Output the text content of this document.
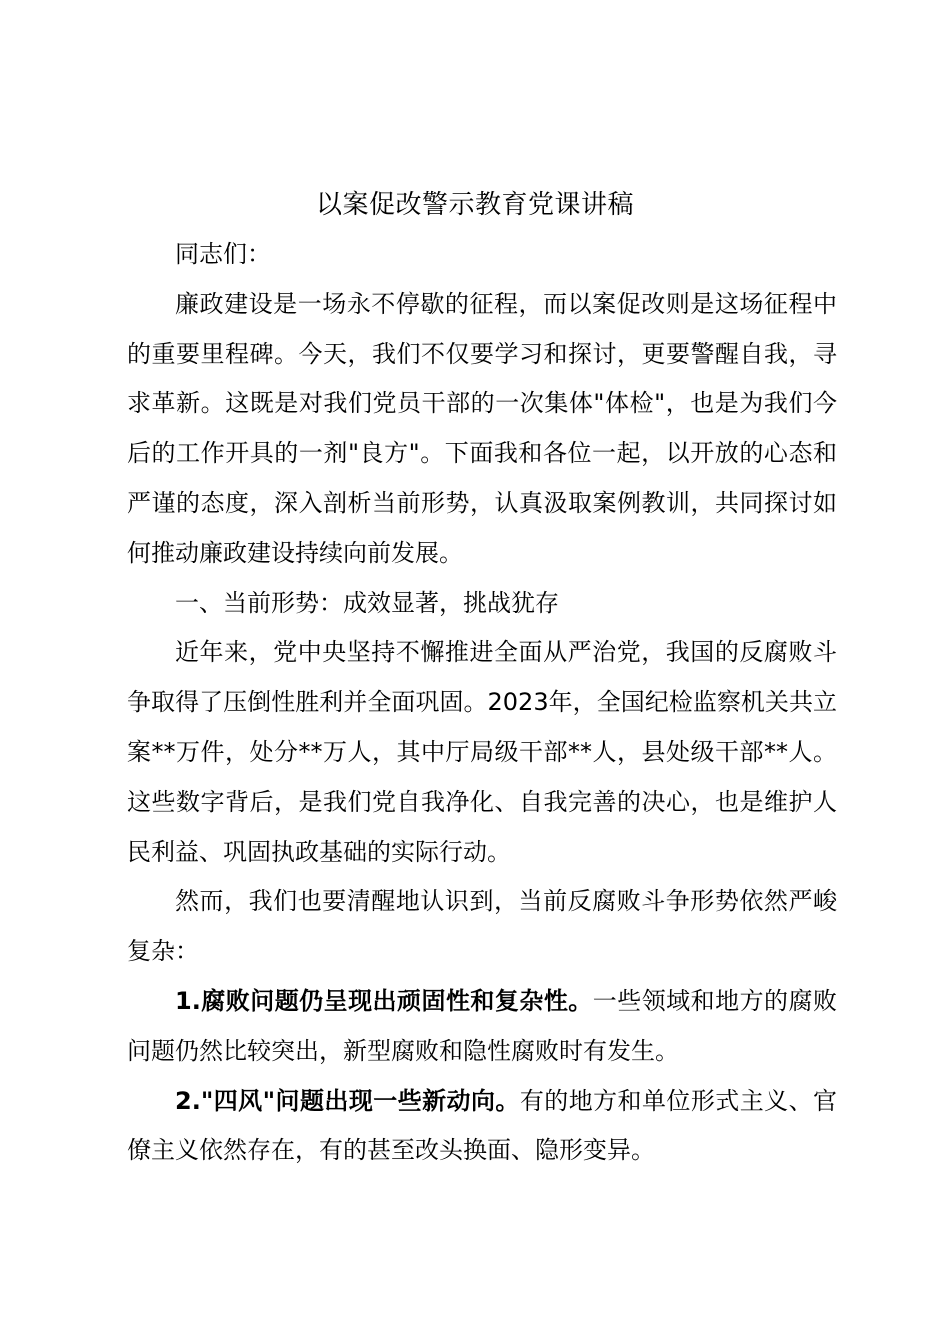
以案促改警示教育党课讲稿

同志们：

廉政建设是一场永不停歇的征程，而以案促改则是这场征程中的重要里程碑。今天，我们不仅要学习和探讨，更要警醒自我，寻求革新。这既是对我们党员干部的一次集体"体检"，也是为我们今后的工作开具的一剂"良方"。下面我和各位一起，以开放的心态和严谨的态度，深入剖析当前形势，认真汲取案例教训，共同探讨如何推动廉政建设持续向前发展。

一、当前形势：成效显著，挑战犹存

近年来，党中央坚持不懈推进全面从严治党，我国的反腐败斗争取得了压倒性胜利并全面巩固。2023年，全国纪检监察机关共立案**万件，处分**万人，其中厅局级干部**人，县处级干部**人。这些数字背后，是我们党自我净化、自我完善的决心，也是维护人民利益、巩固执政基础的实际行动。

然而，我们也要清醒地认识到，当前反腐败斗争形势依然严峻复杂：

1.腐败问题仍呈现出顽固性和复杂性。一些领域和地方的腐败问题仍然比较突出，新型腐败和隐性腐败时有发生。

2."四风"问题出现一些新动向。有的地方和单位形式主义、官僚主义依然存在，有的甚至改头换面、隐形变异。
